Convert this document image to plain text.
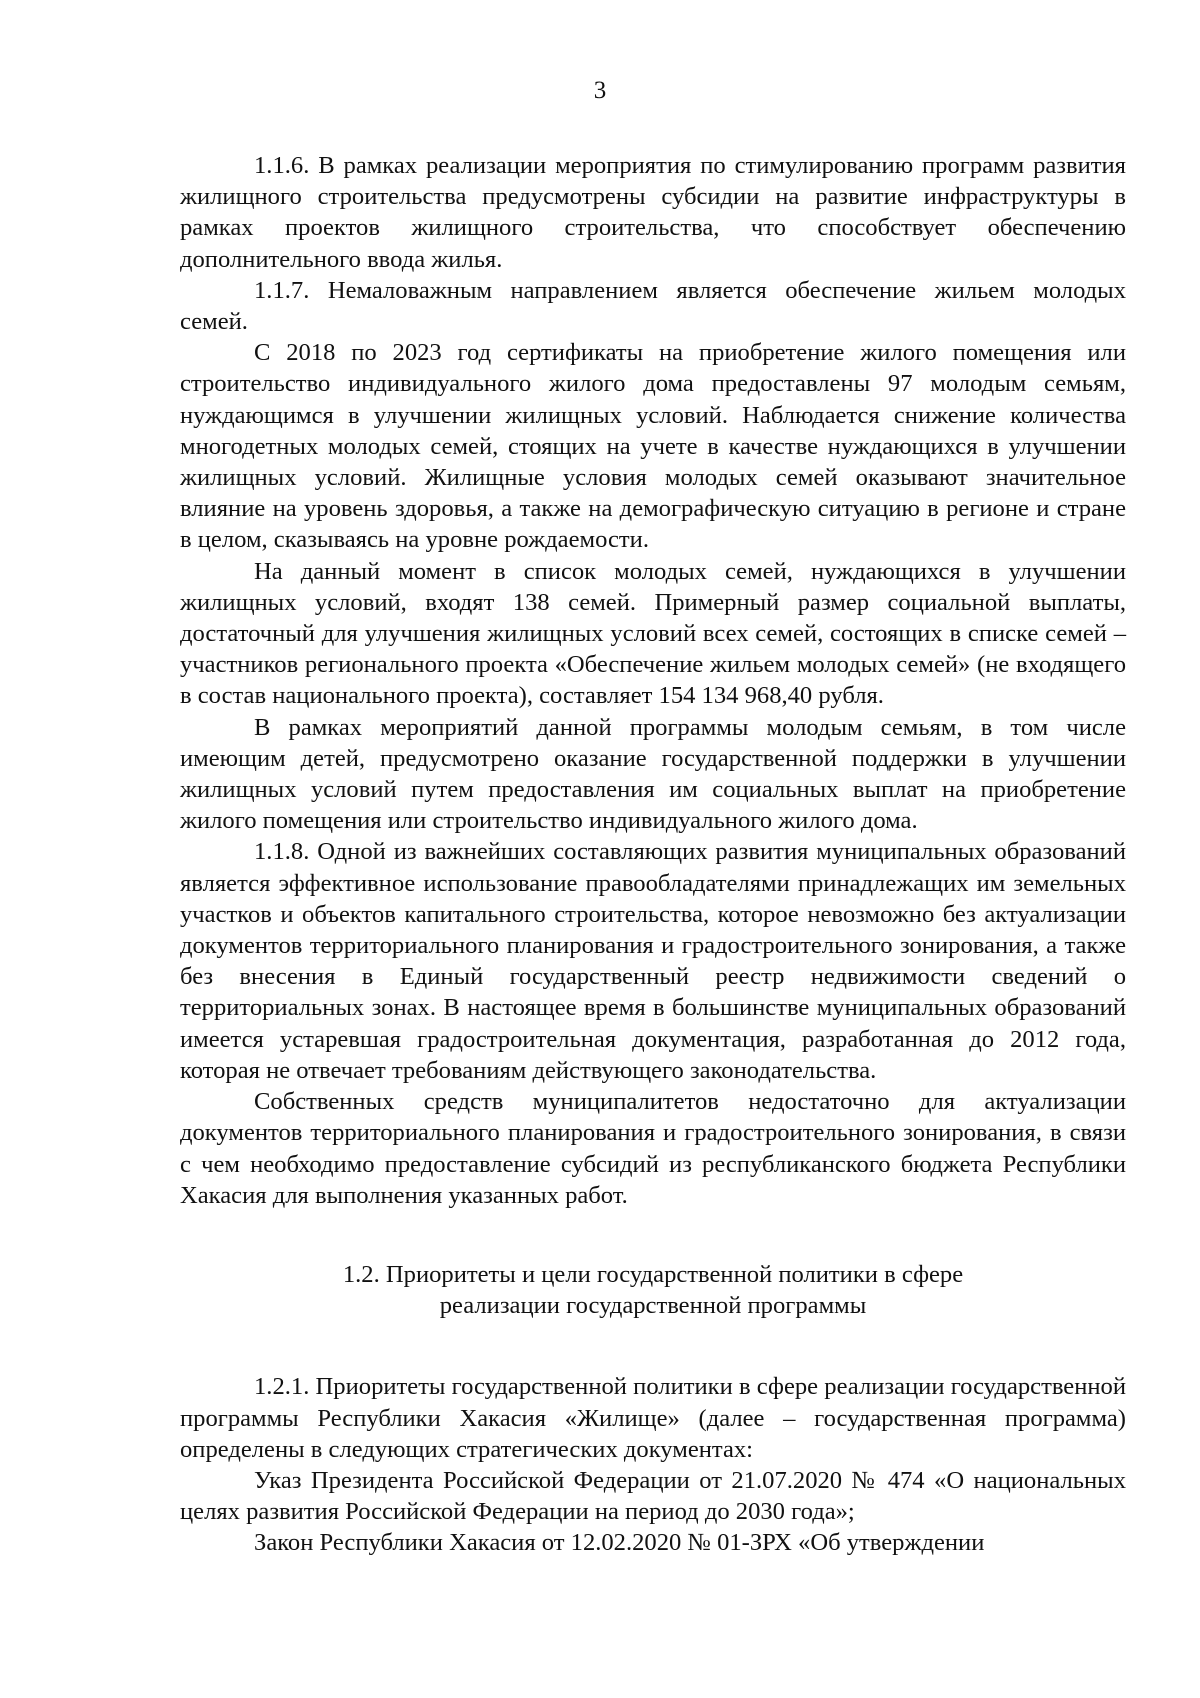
3

1.1.6. В рамках реализации мероприятия по стимулированию программ развития жилищного строительства предусмотрены субсидии на развитие инфраструктуры в рамках проектов жилищного строительства, что способствует обеспечению дополнительного ввода жилья.

1.1.7. Немаловажным направлением является обеспечение жильем молодых семей.

С 2018 по 2023 год сертификаты на приобретение жилого помещения или строительство индивидуального жилого дома предоставлены 97 молодым семьям, нуждающимся в улучшении жилищных условий. Наблюдается снижение количества многодетных молодых семей, стоящих на учете в качестве нуждающихся в улучшении жилищных условий. Жилищные условия молодых семей оказывают значительное влияние на уровень здоровья, а также на демографическую ситуацию в регионе и стране в целом, сказываясь на уровне рождаемости.

На данный момент в список молодых семей, нуждающихся в улучшении жилищных условий, входят 138 семей. Примерный размер социальной выплаты, достаточный для улучшения жилищных условий всех семей, состоящих в списке семей – участников регионального проекта «Обеспечение жильем молодых семей» (не входящего в состав национального проекта), составляет 154 134 968,40 рубля.

В рамках мероприятий данной программы молодым семьям, в том числе имеющим детей, предусмотрено оказание государственной поддержки в улучшении жилищных условий путем предоставления им социальных выплат на приобретение жилого помещения или строительство индивидуального жилого дома.

1.1.8. Одной из важнейших составляющих развития муниципальных образований является эффективное использование правообладателями принадлежащих им земельных участков и объектов капитального строительства, которое невозможно без актуализации документов территориального планирования и градостроительного зонирования, а также без внесения в Единый государственный реестр недвижимости сведений о территориальных зонах. В настоящее время в большинстве муниципальных образований имеется устаревшая градостроительная документация, разработанная до 2012 года, которая не отвечает требованиям действующего законодательства.

Собственных средств муниципалитетов недостаточно для актуализации документов территориального планирования и градостроительного зонирования, в связи с чем необходимо предоставление субсидий из республиканского бюджета Республики Хакасия для выполнения указанных работ.

1.2. Приоритеты и цели государственной политики в сфере
реализации государственной программы

1.2.1. Приоритеты государственной политики в сфере реализации государственной программы Республики Хакасия «Жилище» (далее – государственная программа) определены в следующих стратегических документах:

Указ Президента Российской Федерации от 21.07.2020 № 474 «О национальных целях развития Российской Федерации на период до 2030 года»;

Закон Республики Хакасия от 12.02.2020 № 01-ЗРХ «Об утверждении
